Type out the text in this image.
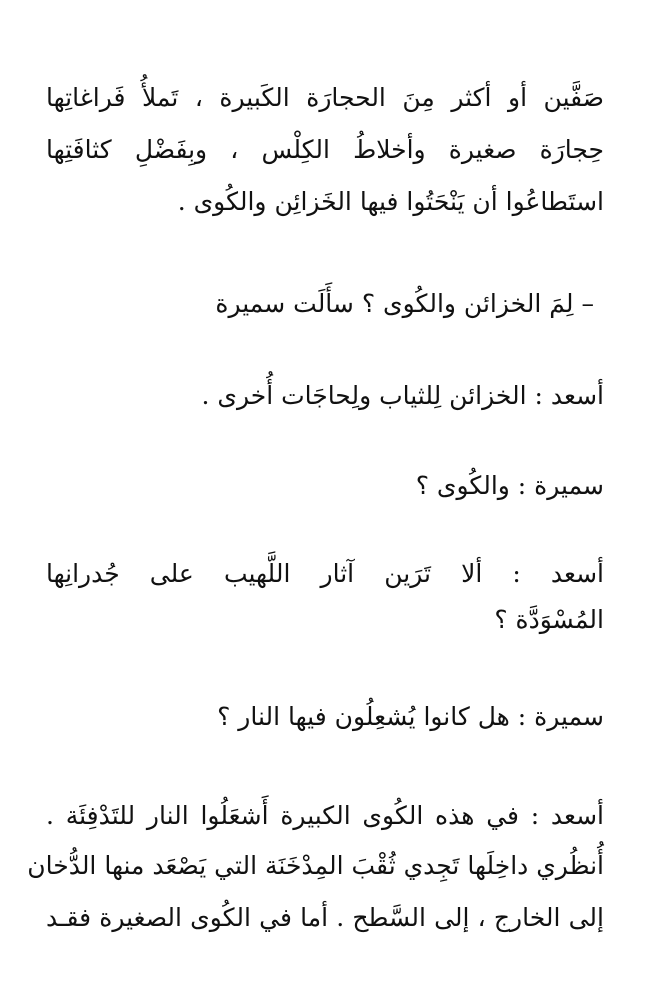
صَفَّين أو أكثر مِنَ الحجارَة الكَبيرة ، تَملأُ فَراغاتِها
حِجارَة صغيرة وأخلاطُ الكِلْس ، وبِفَضْلِ كثافَتِها
استَطاعُوا أن يَنْحَتُوا فيها الخَزائِن والكُوى .
– لِمَ الخزائن والكُوى ؟ سأَلَت سميرة
أسعد : الخزائن لِلثياب ولِحاجَات أُخرى .
سميرة : والكُوى ؟
أسعد : ألا تَرَين آثار اللَّهيب على جُدرانِها
المُسْوَدَّة ؟
سميرة : هل كانوا يُشعِلُون فيها النار ؟
أسعد : في هذه الكُوى الكبيرة أَشعَلُوا النار للتَدْفِئَة .
أُنظُري داخِلَها تَجِدي ثُقْبَ المِدْخَنَة التي يَصْعَد منها الدُّخان
إلى الخارج ، إلى السَّطح . أما في الكُوى الصغيرة فقـد
